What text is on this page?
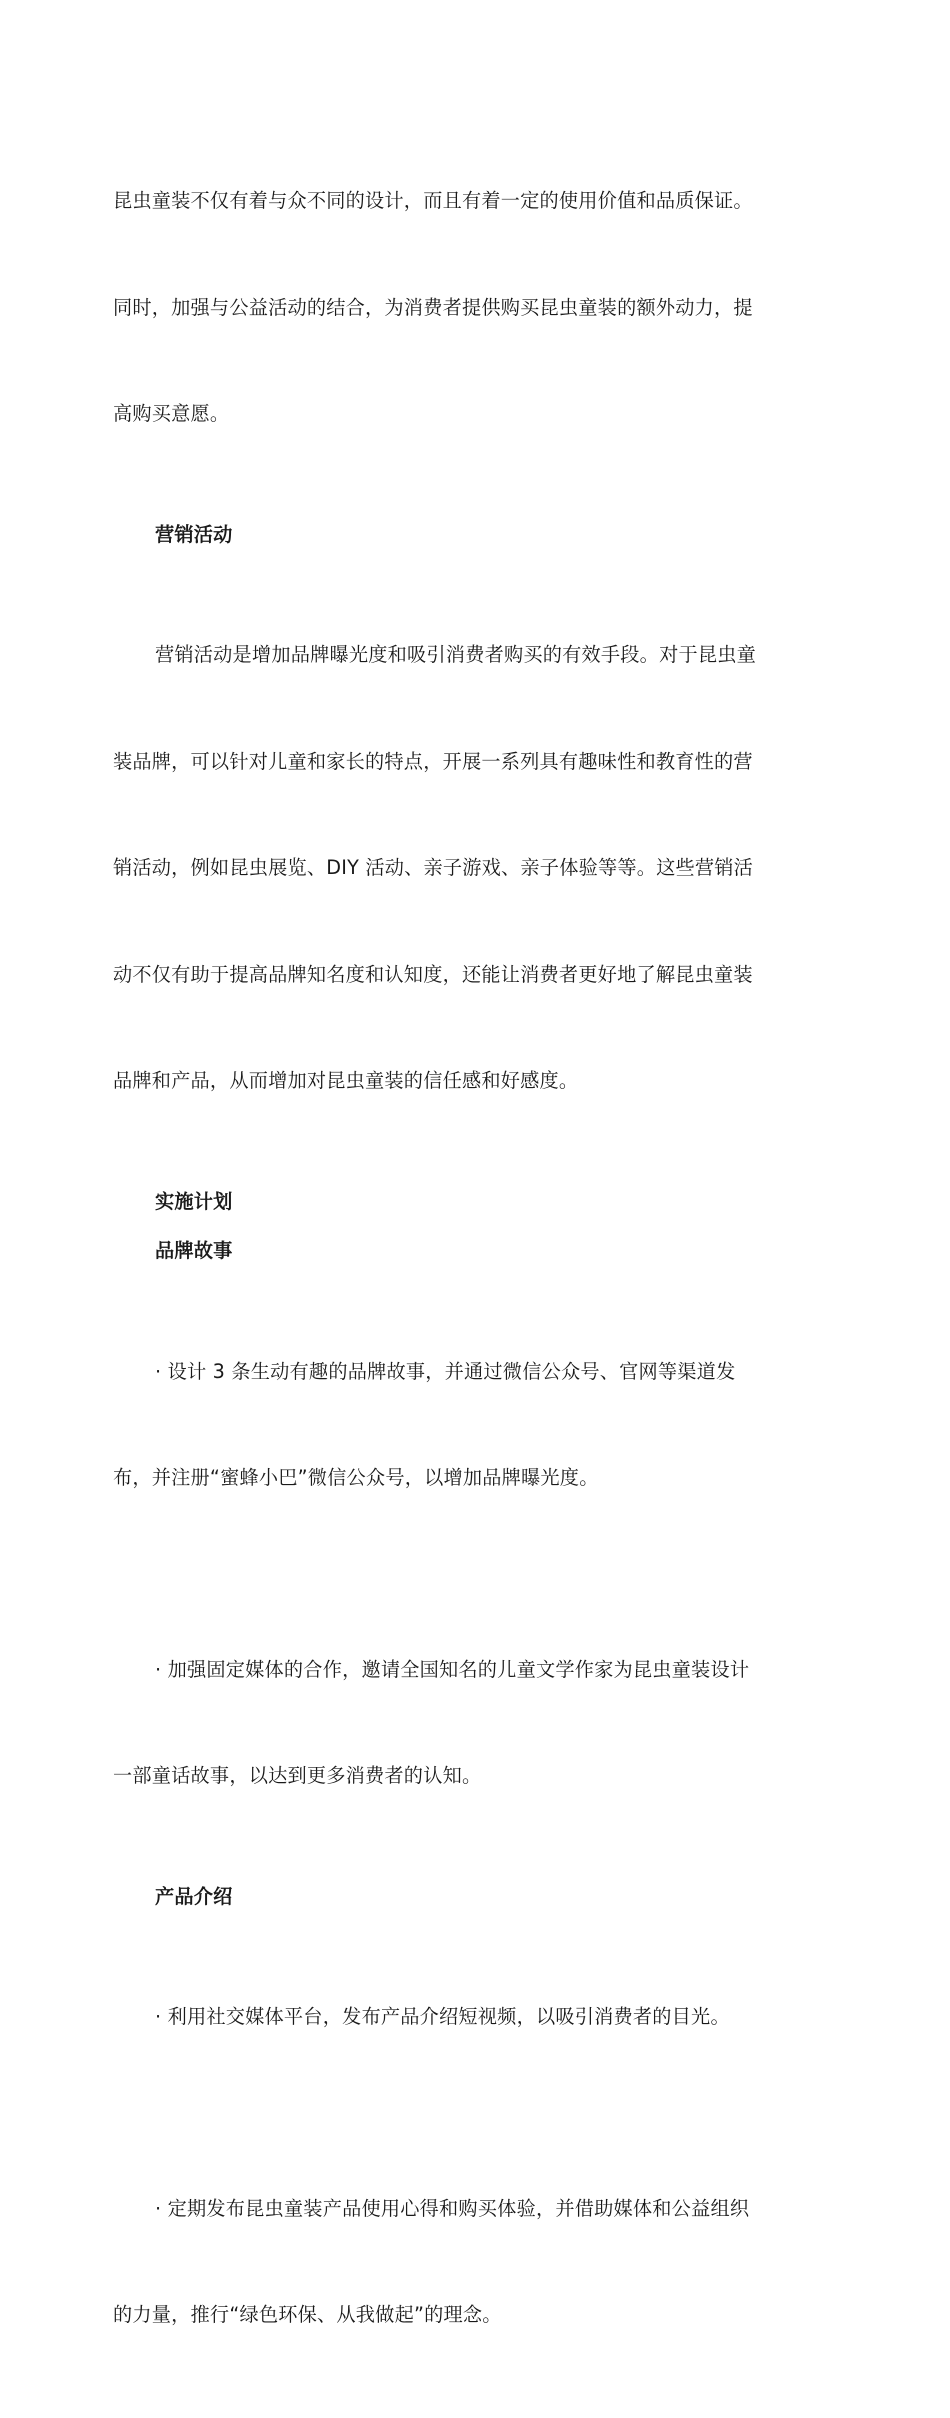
昆虫童装不仅有着与众不同的设计，而且有着一定的使用价值和品质保证。

同时，加强与公益活动的结合，为消费者提供购买昆虫童装的额外动力，提

高购买意愿。

营销活动

营销活动是增加品牌曝光度和吸引消费者购买的有效手段。对于昆虫童

装品牌，可以针对儿童和家长的特点，开展一系列具有趣味性和教育性的营

销活动，例如昆虫展览、DIY 活动、亲子游戏、亲子体验等等。这些营销活

动不仅有助于提高品牌知名度和认知度，还能让消费者更好地了解昆虫童装

品牌和产品，从而增加对昆虫童装的信任感和好感度。

实施计划

品牌故事

· 设计 3 条生动有趣的品牌故事，并通过微信公众号、官网等渠道发

布，并注册“蜜蜂小巴”微信公众号，以增加品牌曝光度。

· 加强固定媒体的合作，邀请全国知名的儿童文学作家为昆虫童装设计

一部童话故事，以达到更多消费者的认知。

产品介绍

· 利用社交媒体平台，发布产品介绍短视频，以吸引消费者的目光。

· 定期发布昆虫童装产品使用心得和购买体验，并借助媒体和公益组织

的力量，推行“绿色环保、从我做起”的理念。
